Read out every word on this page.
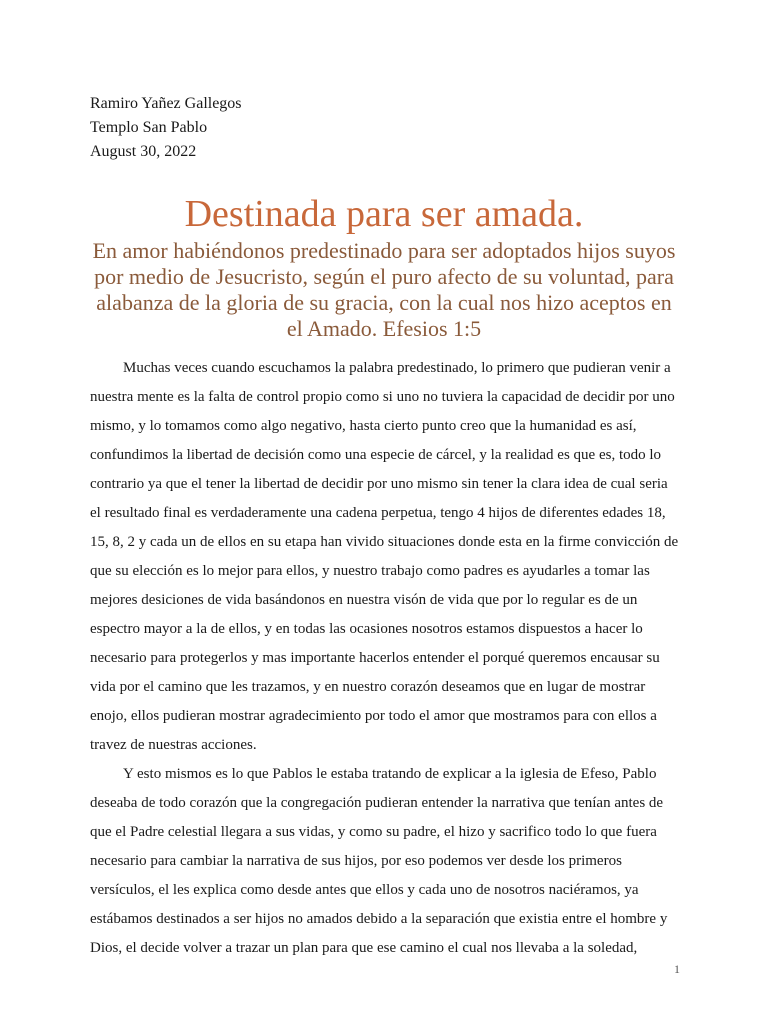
Ramiro Yañez Gallegos
Templo San Pablo
August 30, 2022
Destinada para ser amada.

En amor habiéndonos predestinado para ser adoptados hijos suyos por medio de Jesucristo, según el puro afecto de su voluntad, para alabanza de la gloria de su gracia, con la cual nos hizo aceptos en el Amado. Efesios 1:5

Muchas veces cuando escuchamos la palabra predestinado, lo primero que pudieran venir a nuestra mente es la falta de control propio como si uno no tuviera la capacidad de decidir por uno mismo, y lo tomamos como algo negativo, hasta cierto punto creo que la humanidad es así, confundimos la libertad de decisión como una especie de cárcel, y la realidad es que es, todo lo contrario ya que el tener la libertad de decidir por uno mismo sin tener la clara idea de cual seria el resultado final es verdaderamente una cadena perpetua, tengo 4 hijos de diferentes edades 18, 15, 8, 2 y cada un de ellos en su etapa han vivido situaciones donde esta en la firme convicción de que su elección es lo mejor para ellos, y nuestro trabajo como padres es ayudarles a tomar las mejores desiciones de vida basándonos en nuestra visón de vida que por lo regular es de un espectro mayor a la de ellos, y en todas las ocasiones nosotros estamos dispuestos a hacer lo necesario para protegerlos y mas importante hacerlos entender el porqué queremos encausar su vida por el camino que les trazamos, y en nuestro corazón deseamos que en lugar de mostrar enojo, ellos pudieran mostrar agradecimiento por todo el amor que mostramos para con ellos a travez de nuestras acciones.

Y esto mismos es lo que Pablos le estaba tratando de explicar a la iglesia de Efeso, Pablo deseaba de todo corazón que la congregación pudieran entender la narrativa que tenían antes de que el Padre celestial llegara a sus vidas, y como su padre, el hizo y sacrifico todo lo que fuera necesario para cambiar la narrativa de sus hijos, por eso podemos ver desde los primeros versículos, el les explica como desde antes que ellos y cada uno de nosotros naciéramos, ya estábamos destinados a ser hijos no amados debido a la separación que existia entre el hombre y Dios, el decide volver a trazar un plan para que ese camino el cual nos llevaba a la soledad,

1
